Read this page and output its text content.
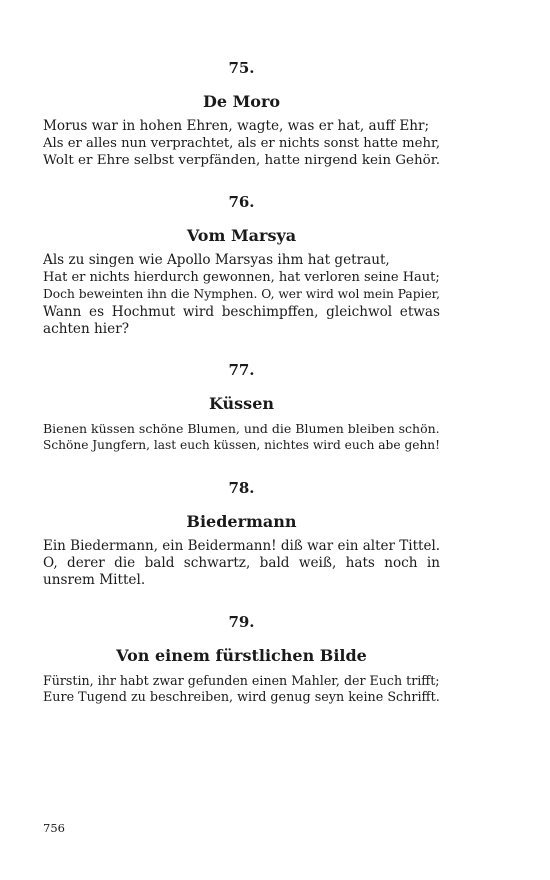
75.
De Moro
Morus war in hohen Ehren, wagte, was er hat, auff Ehr;
Als er alles nun verprachtet, als er nichts sonst hatte mehr,
Wolt er Ehre selbst verpfänden, hatte nirgend kein Gehör.
76.
Vom Marsya
Als zu singen wie Apollo Marsyas ihm hat getraut,
Hat er nichts hierdurch gewonnen, hat verloren seine Haut;
Doch beweinten ihn die Nymphen. O, wer wird wol mein Papier,
Wann es Hochmut wird beschimpffen, gleichwol etwas achten hier?
77.
Küssen
Bienen küssen schöne Blumen, und die Blumen bleiben schön.
Schöne Jungfern, last euch küssen, nichtes wird euch abe gehn!
78.
Biedermann
Ein Biedermann, ein Beidermann! diß war ein alter Tittel.
O, derer die bald schwartz, bald weiß, hats noch in unsrem Mittel.
79.
Von einem fürstlichen Bilde
Fürstin, ihr habt zwar gefunden einen Mahler, der Euch trifft;
Eure Tugend zu beschreiben, wird genug seyn keine Schrifft.
756
